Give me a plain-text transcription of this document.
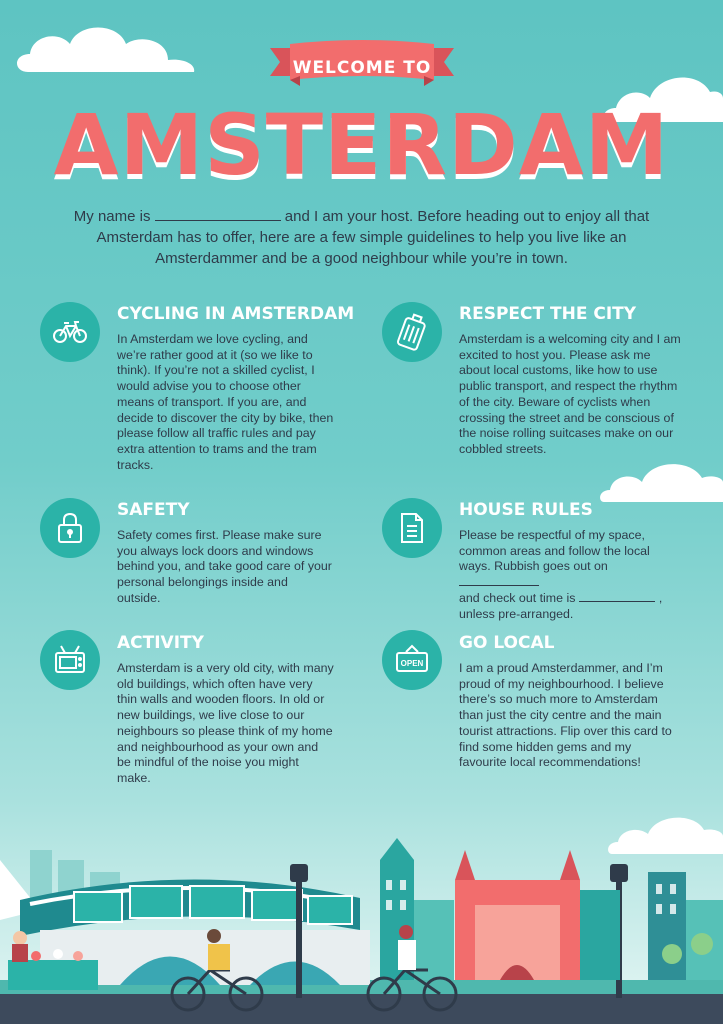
WELCOME TO
AMSTERDAM
My name is	and I am your host. Before heading out to enjoy all that Amsterdam has to offer, here are a few simple guidelines to help you live like an Amsterdammer and be a good neighbour while you’re in town.
CYCLING IN AMSTERDAM
In Amsterdam we love cycling, and we’re rather good at it (so we like to think). If you’re not a skilled cyclist, I would advise you to choose other means of transport. If you are, and decide to discover the city by bike, then please follow all traffic rules and pay extra attention to trams and the tram tracks.
RESPECT THE CITY
Amsterdam is a welcoming city and I am excited to host you. Please ask me about local customs, like how to use public transport, and respect the rhythm of the city. Beware of cyclists when crossing the street and be conscious of the noise rolling suitcases make on our cobbled streets.
SAFETY
Safety comes first. Please make sure you always lock doors and windows behind you, and take good care of your personal belongings inside and outside.
HOUSE RULES
Please be respectful of my space, common areas and follow the local ways. Rubbish goes out on
and check out time is	,
unless pre-arranged.
ACTIVITY
Amsterdam is a very old city, with many old buildings, which often have very thin walls and wooden floors. In old or new buildings, we live close to our neighbours so please think of my home and neighbourhood as your own and be mindful of the noise you might make.
OPEN
GO LOCAL
I am a proud Amsterdammer, and I’m proud of my neighbourhood. I believe there’s so much more to Amsterdam than just the city centre and the main tourist attractions. Flip over this card to find some hidden gems and my favourite local recommendations!
